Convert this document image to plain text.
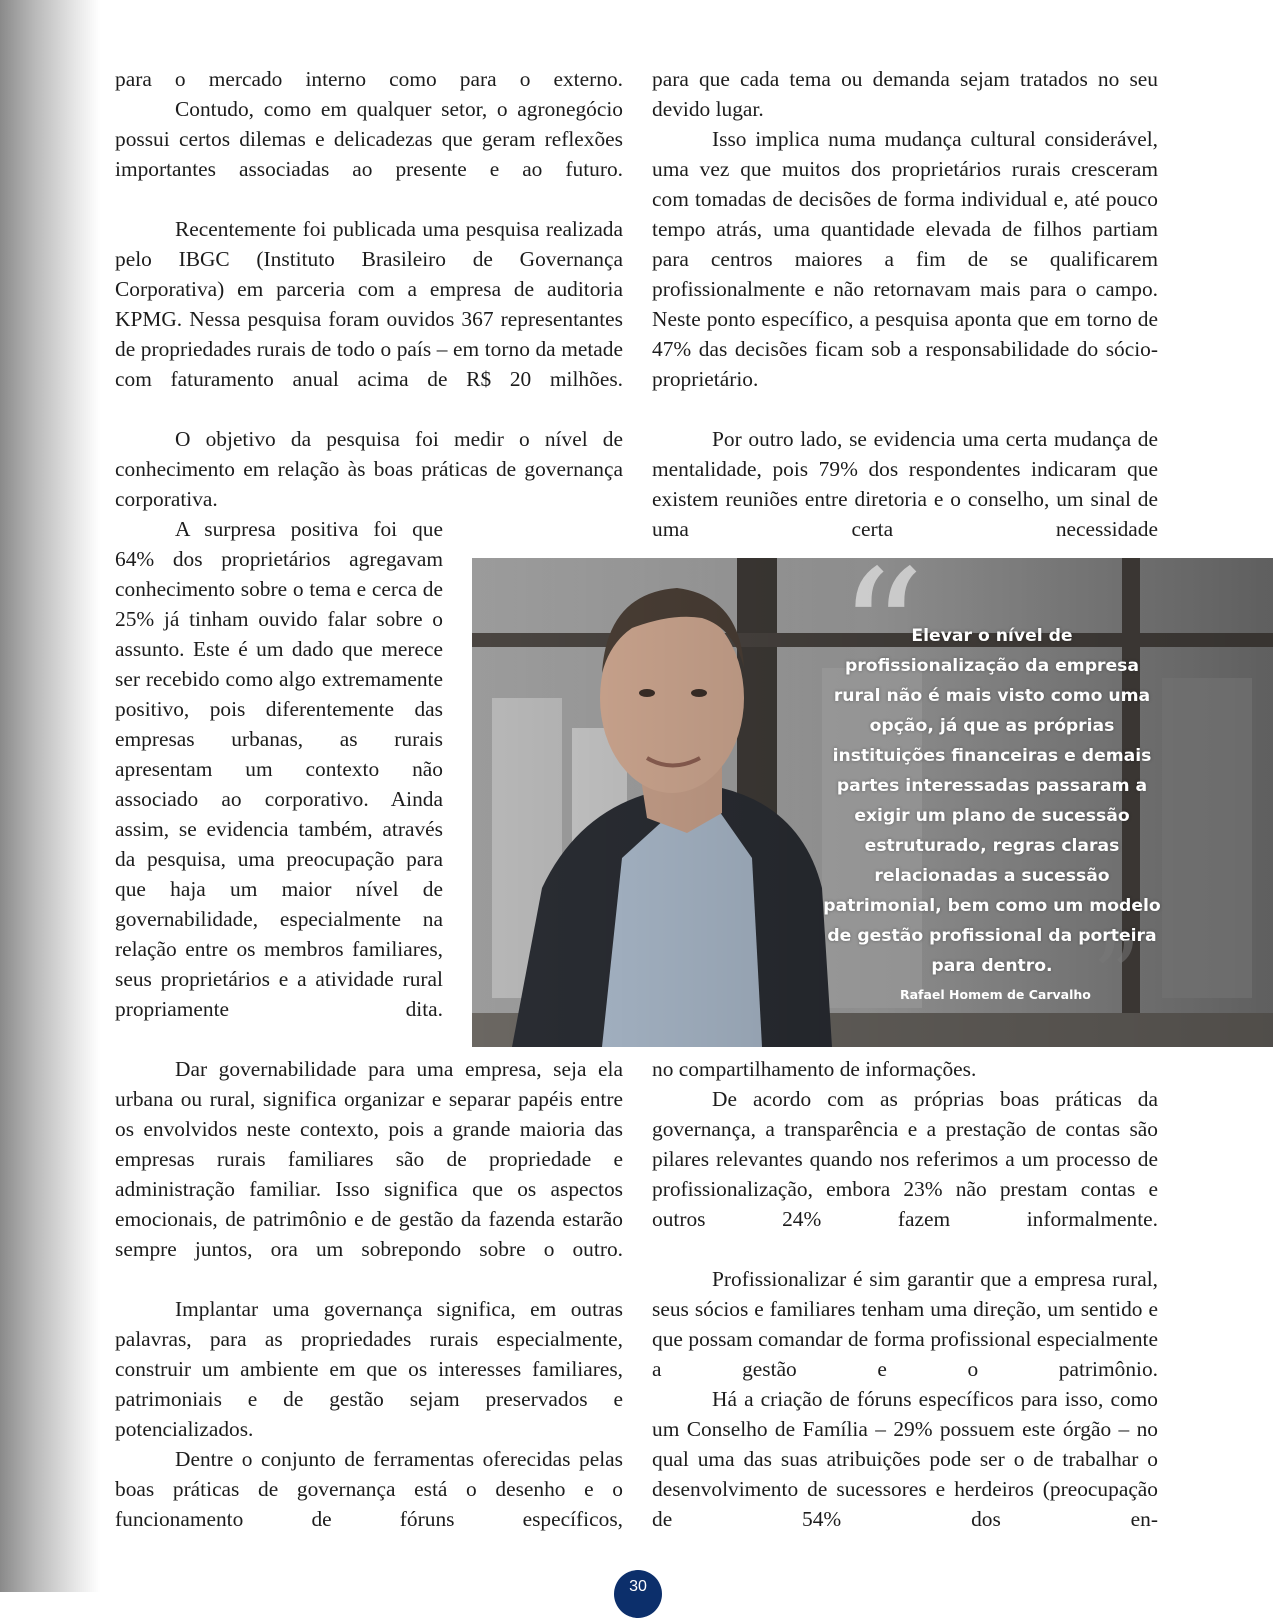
para o mercado interno como para o externo.

Contudo, como em qualquer setor, o agronegócio possui certos dilemas e delicadezas que geram reflexões importantes associadas ao presente e ao futuro.

Recentemente foi publicada uma pesquisa realizada pelo IBGC (Instituto Brasileiro de Governança Corporativa) em parceria com a empresa de auditoria KPMG. Nessa pesquisa foram ouvidos 367 representantes de propriedades rurais de todo o país – em torno da metade com faturamento anual acima de R$ 20 milhões.

O objetivo da pesquisa foi medir o nível de conhecimento em relação às boas práticas de governança corporativa.

A surpresa positiva foi que 64% dos proprietários agregavam conhecimento sobre o tema e cerca de 25% já tinham ouvido falar sobre o assunto. Este é um dado que merece ser recebido como algo extremamente positivo, pois diferentemente das empresas urbanas, as rurais apresentam um contexto não associado ao corporativo. Ainda assim, se evidencia também, através da pesquisa, uma preocupação para que haja um maior nível de governabilidade, especialmente na relação entre os membros familiares, seus proprietários e a atividade rural propriamente dita.

Dar governabilidade para uma empresa, seja ela urbana ou rural, significa organizar e separar papéis entre os envolvidos neste contexto, pois a grande maioria das empresas rurais familiares são de propriedade e administração familiar. Isso significa que os aspectos emocionais, de patrimônio e de gestão da fazenda estarão sempre juntos, ora um sobrepondo sobre o outro.

Implantar uma governança significa, em outras palavras, para as propriedades rurais especialmente, construir um ambiente em que os interesses familiares, patrimoniais e de gestão sejam preservados e potencializados.

Dentre o conjunto de ferramentas oferecidas pelas boas práticas de governança está o desenho e o funcionamento de fóruns específicos,

para que cada tema ou demanda sejam tratados no seu devido lugar.

Isso implica numa mudança cultural considerável, uma vez que muitos dos proprietários rurais cresceram com tomadas de decisões de forma individual e, até pouco tempo atrás, uma quantidade elevada de filhos partiam para centros maiores a fim de se qualificarem profissionalmente e não retornavam mais para o campo. Neste ponto específico, a pesquisa aponta que em torno de 47% das decisões ficam sob a responsabilidade do sócio-proprietário.

Por outro lado, se evidencia uma certa mudança de mentalidade, pois 79% dos respondentes indicaram que existem reuniões entre diretoria e o conselho, um sinal de uma certa necessidade

no compartilhamento de informações.

De acordo com as próprias boas práticas da governança, a transparência e a prestação de contas são pilares relevantes quando nos referimos a um processo de profissionalização, embora 23% não prestam contas e outros 24% fazem informalmente.

Profissionalizar é sim garantir que a empresa rural, seus sócios e familiares tenham uma direção, um sentido e que possam comandar de forma profissional especialmente a gestão e o patrimônio.

Há a criação de fóruns específicos para isso, como um Conselho de Família – 29% possuem este órgão – no qual uma das suas atribuições pode ser o de trabalhar o desenvolvimento de sucessores e herdeiros (preocupação de 54% dos en-

“

Elevar o nível de profissionalização da empresa rural não é mais visto como uma opção, já que as próprias instituições financeiras e demais partes interessadas passaram a exigir um plano de sucessão estruturado, regras claras relacionadas a sucessão patrimonial, bem como um modelo de gestão profissional da porteira para dentro. ”
Rafael Homem de Carvalho
30
